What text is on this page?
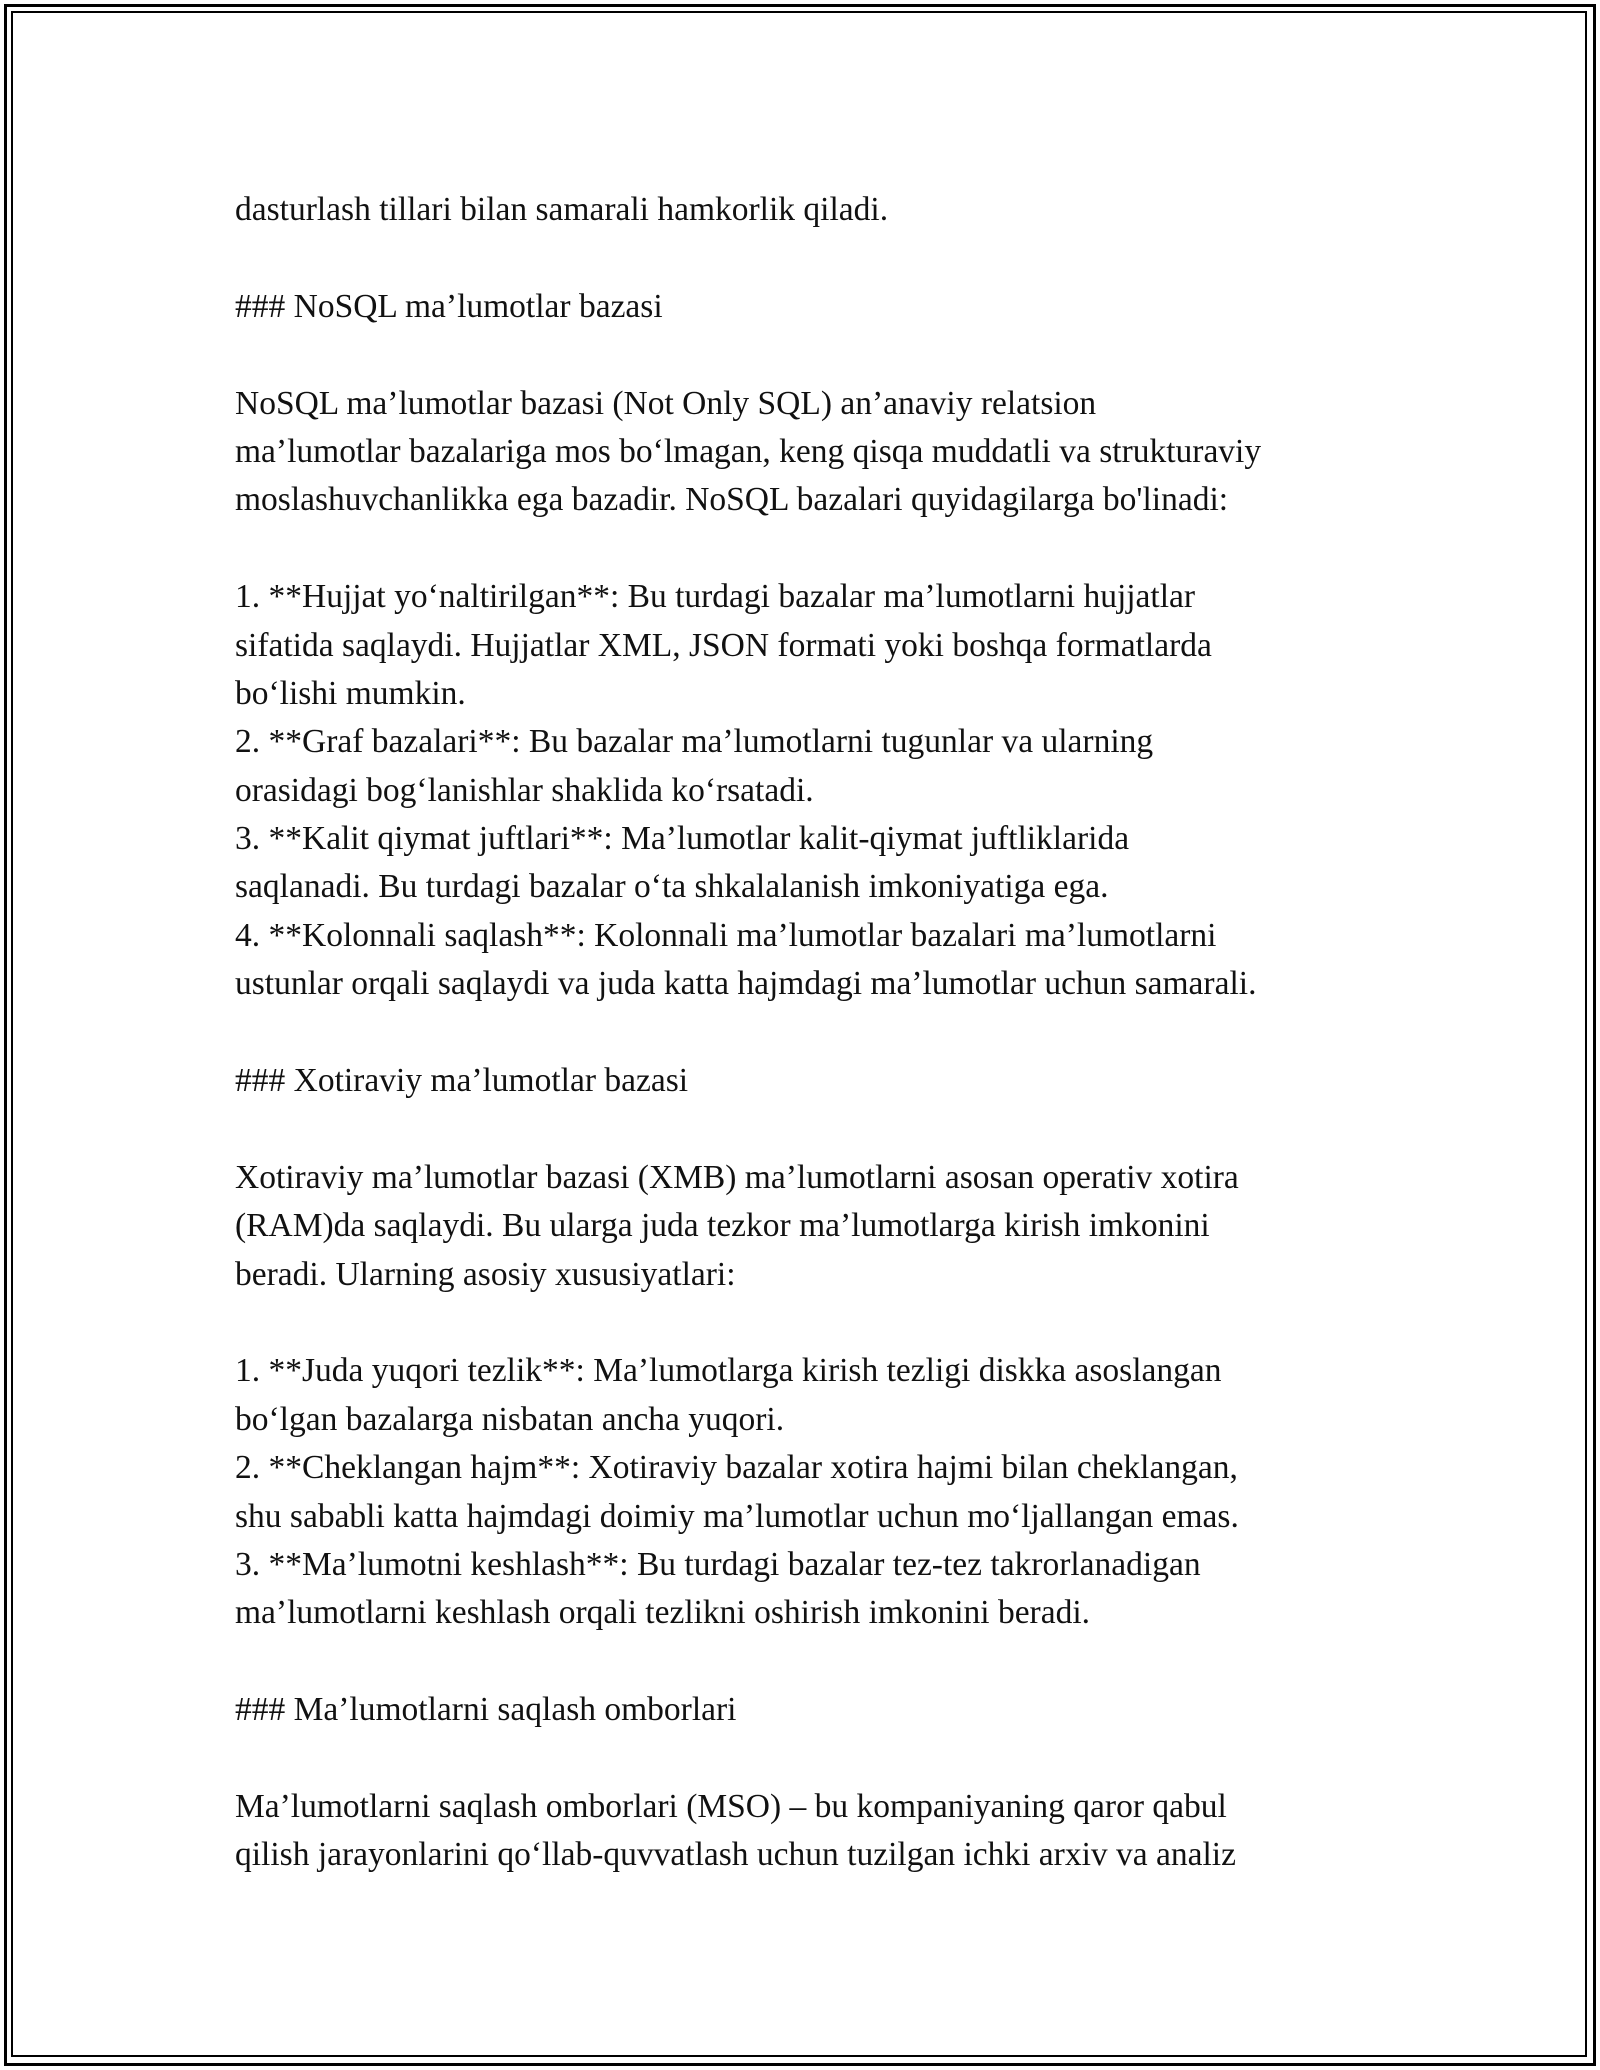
dasturlash tillari bilan samarali hamkorlik qiladi.
### NoSQL ma’lumotlar bazasi
NoSQL ma’lumotlar bazasi (Not Only SQL) an’anaviy relatsion
ma’lumotlar bazalariga mos bo‘lmagan, keng qisqa muddatli va strukturaviy
moslashuvchanlikka ega bazadir. NoSQL bazalari quyidagilarga bo'linadi:
1. **Hujjat yo‘naltirilgan**: Bu turdagi bazalar ma’lumotlarni hujjatlar
sifatida saqlaydi. Hujjatlar XML, JSON formati yoki boshqa formatlarda
bo‘lishi mumkin.
2. **Graf bazalari**: Bu bazalar ma’lumotlarni tugunlar va ularning
orasidagi bog‘lanishlar shaklida ko‘rsatadi.
3. **Kalit qiymat juftlari**: Ma’lumotlar kalit-qiymat juftliklarida
saqlanadi. Bu turdagi bazalar o‘ta shkalalanish imkoniyatiga ega.
4. **Kolonnali saqlash**: Kolonnali ma’lumotlar bazalari ma’lumotlarni
ustunlar orqali saqlaydi va juda katta hajmdagi ma’lumotlar uchun samarali.
### Xotiraviy ma’lumotlar bazasi
Xotiraviy ma’lumotlar bazasi (XMB) ma’lumotlarni asosan operativ xotira
(RAM)da saqlaydi. Bu ularga juda tezkor ma’lumotlarga kirish imkonini
beradi. Ularning asosiy xususiyatlari:
1. **Juda yuqori tezlik**: Ma’lumotlarga kirish tezligi diskka asoslangan
bo‘lgan bazalarga nisbatan ancha yuqori.
2. **Cheklangan hajm**: Xotiraviy bazalar xotira hajmi bilan cheklangan,
shu sababli katta hajmdagi doimiy ma’lumotlar uchun mo‘ljallangan emas.
3. **Ma’lumotni keshlash**: Bu turdagi bazalar tez-tez takrorlanadigan
ma’lumotlarni keshlash orqali tezlikni oshirish imkonini beradi.
### Ma’lumotlarni saqlash omborlari
Ma’lumotlarni saqlash omborlari (MSO) – bu kompaniyaning qaror qabul
qilish jarayonlarini qo‘llab-quvvatlash uchun tuzilgan ichki arxiv va analiz
